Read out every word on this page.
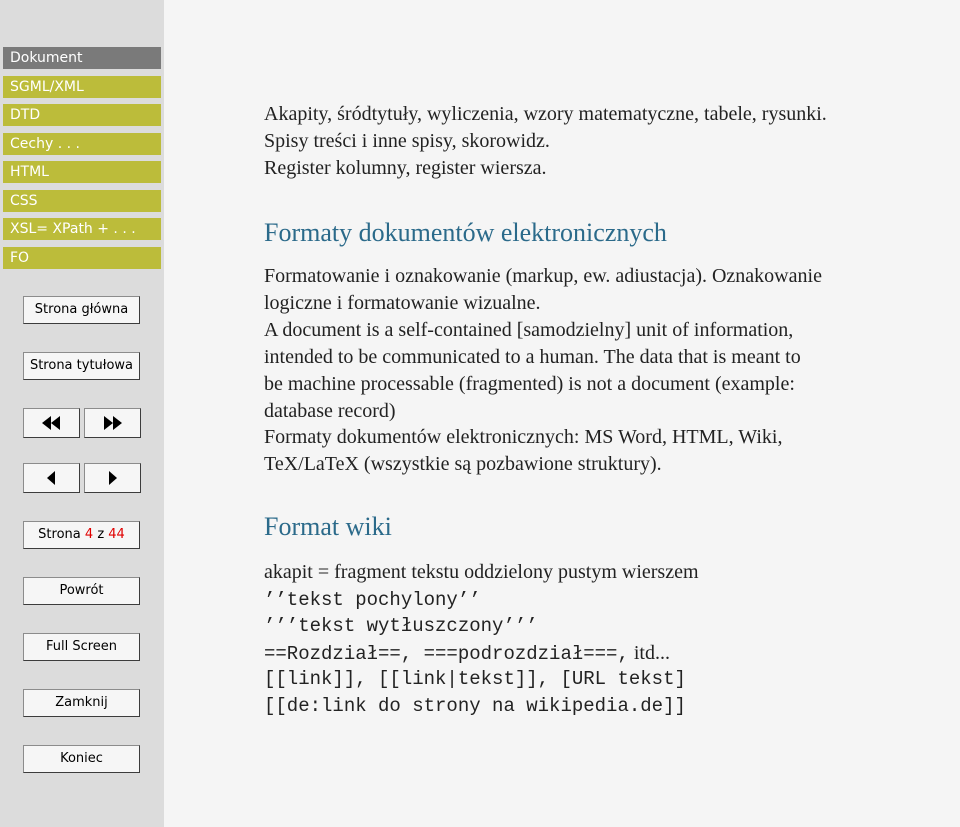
Dokument
SGML/XML
DTD
Cechy . . .
HTML
CSS
XSL= XPath + . . .
FO
Strona główna
Strona tytułowa
Strona 4 z 44
Powrót
Full Screen
Zamknij
Koniec
Akapity, śródtytuły, wyliczenia, wzory matematyczne, tabele, rysunki.
Spisy treści i inne spisy, skorowidz.
Register kolumny, register wiersza.
Formaty dokumentów elektronicznych
Formatowanie i oznakowanie (markup, ew. adiustacja). Oznakowanie
logiczne i formatowanie wizualne.
A document is a self-contained [samodzielny] unit of information,
intended to be communicated to a human. The data that is meant to
be machine processable (fragmented) is not a document (example:
database record)
Formaty dokumentów elektronicznych: MS Word, HTML, Wiki,
TeX/LaTeX (wszystkie są pozbawione struktury).
Format wiki
akapit = fragment tekstu oddzielony pustym wierszem
’’tekst pochylony’’
’’’tekst wytłuszczony’’’
==Rozdział==, ===podrozdział===, itd...
[[link]], [[link|tekst]], [URL tekst]
[[de:link do strony na wikipedia.de]]
